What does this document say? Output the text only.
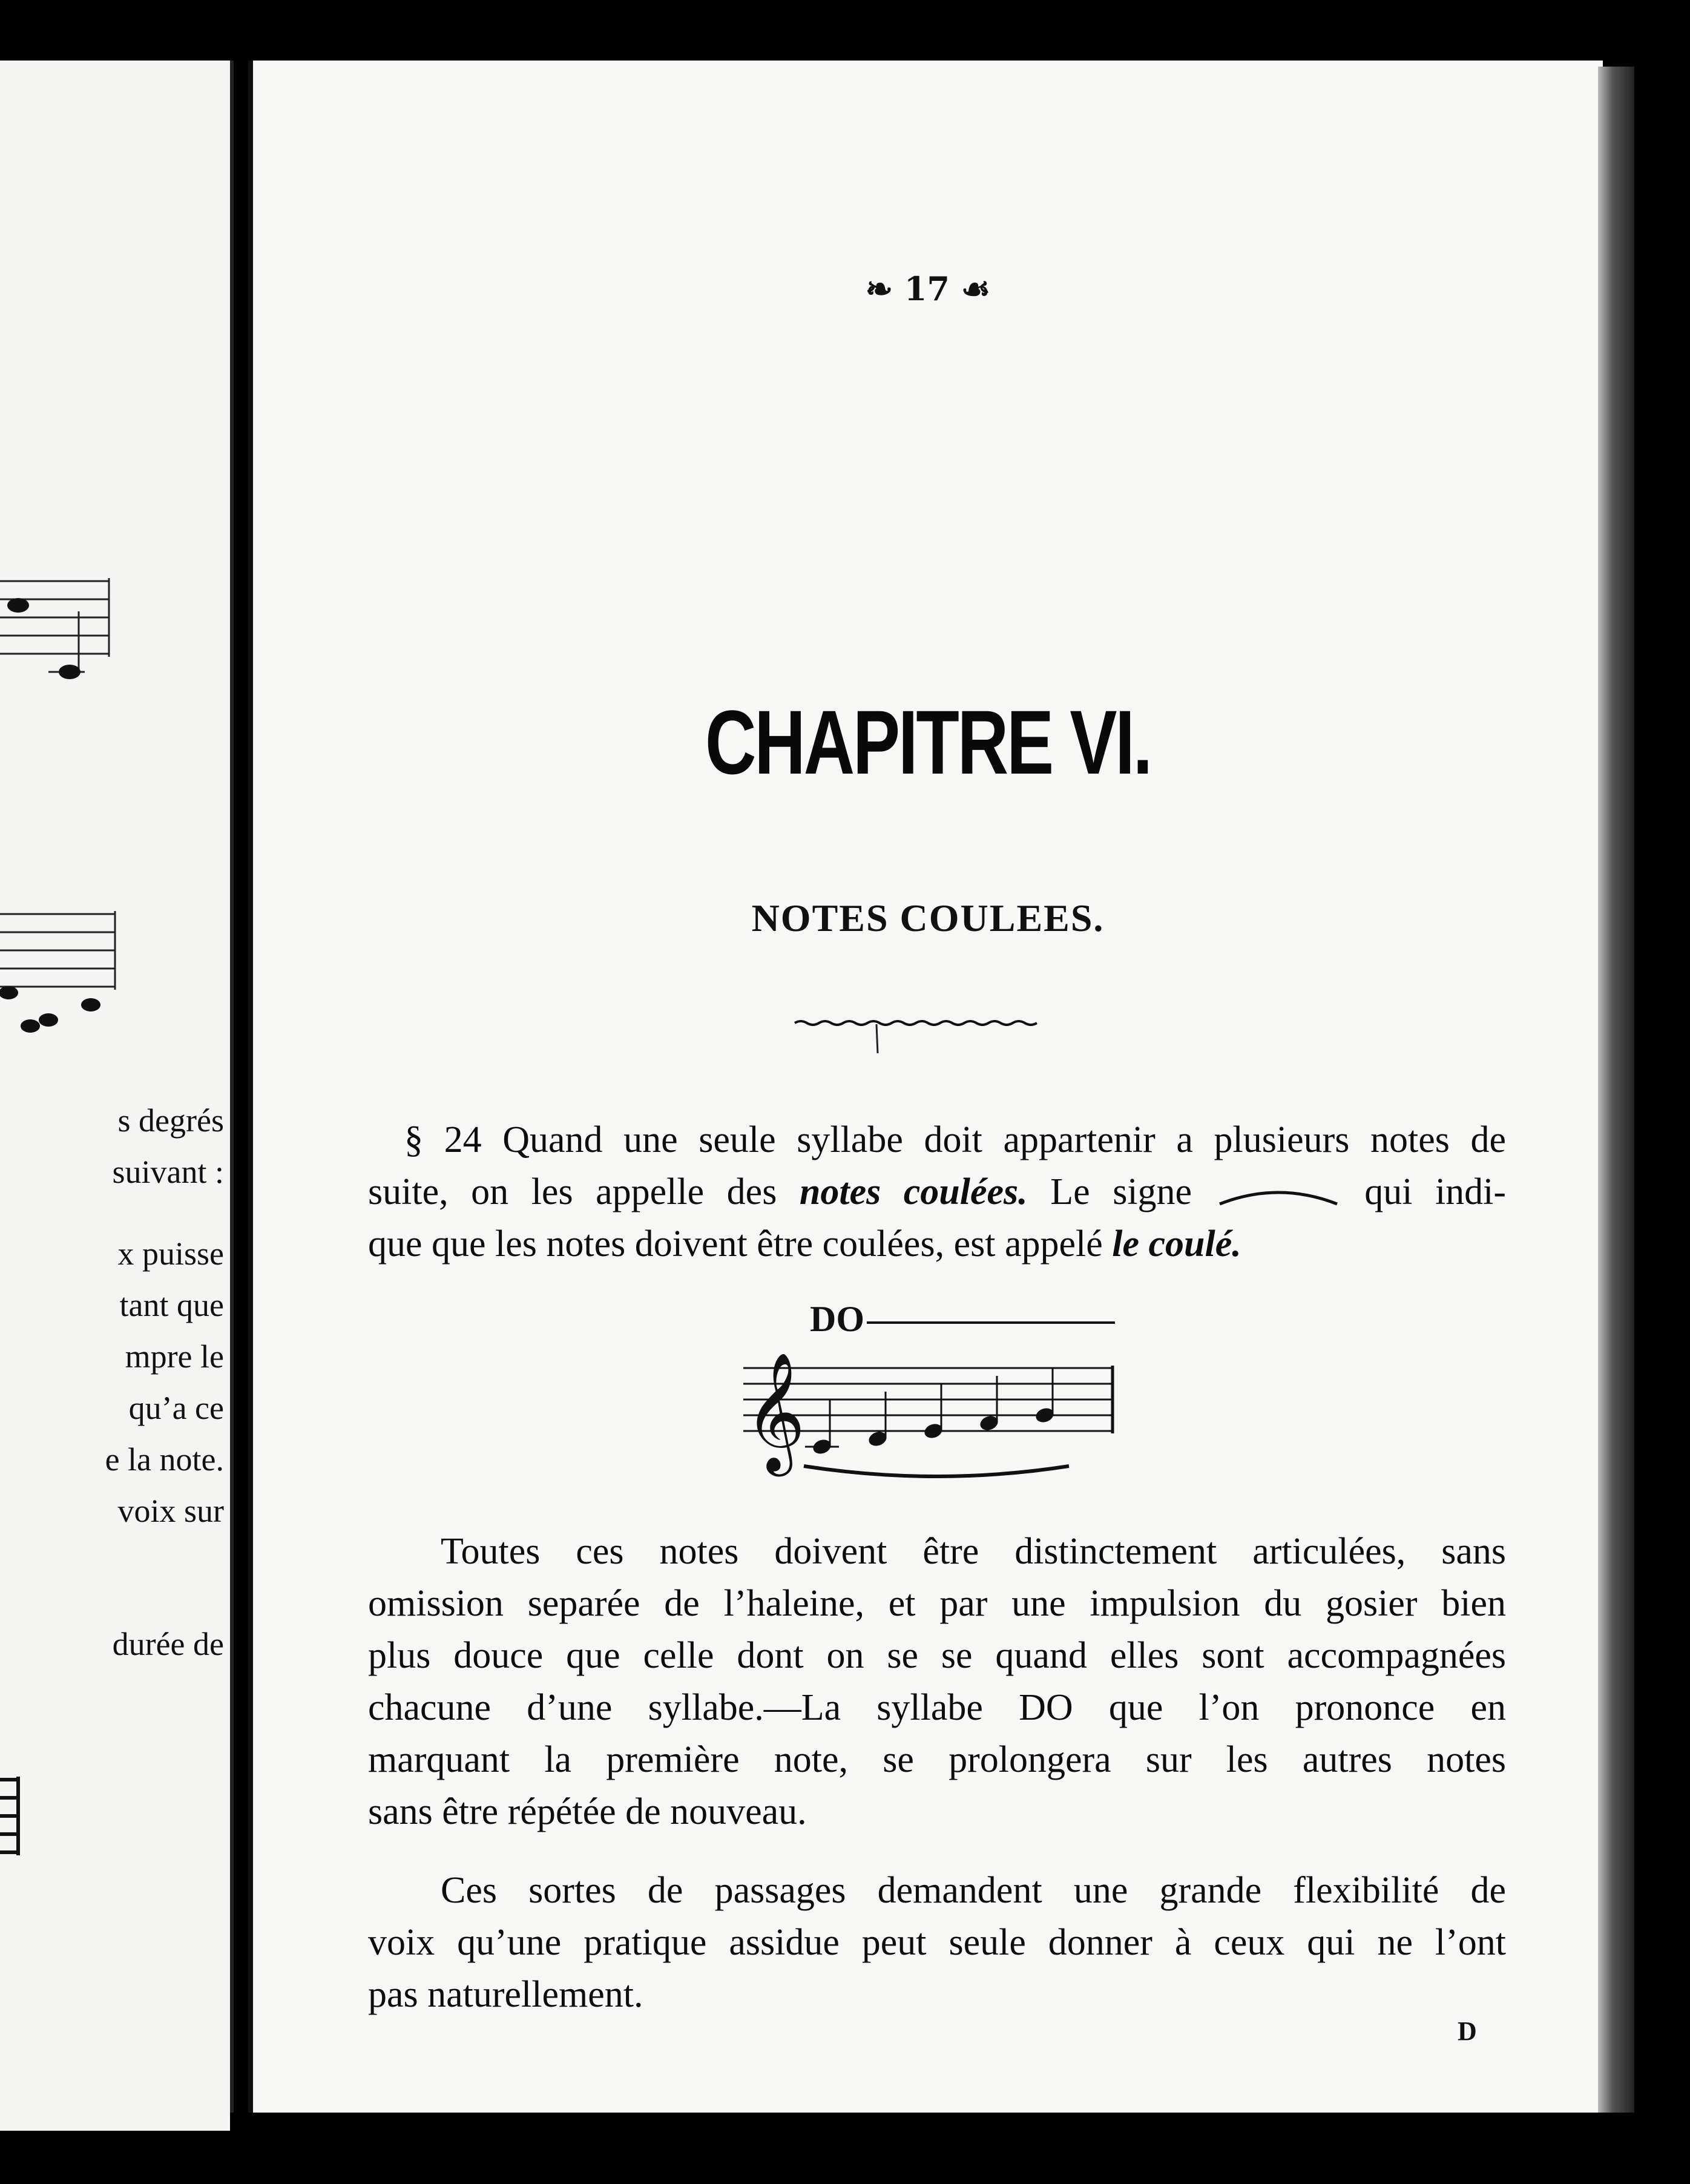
s degrés
suivant :
x puisse
tant que
mpre le
qu’a ce
e la note.
voix sur
durée de
❧ 17 ☙
CHAPITRE VI.
NOTES COULEES.
§ 24 Quand une seule syllabe doit appartenir a plusieurs notes de
suite, on les appelle des notes coulées. Le signe	qui indi-
que que les notes doivent être coulées, est appelé le coulé.
DO
𝄞
Toutes ces notes doivent être distinctement articulées, sans
omission separée de l’haleine, et par une impulsion du gosier bien
plus douce que celle dont on se se quand elles sont accompagnées
chacune d’une syllabe.—La syllabe DO que l’on prononce en
marquant la première note, se prolongera sur les autres notes
sans être répétée de nouveau.
Ces sortes de passages demandent une grande flexibilité de
voix qu’une pratique assidue peut seule donner à ceux qui ne l’ont
pas naturellement.
D
